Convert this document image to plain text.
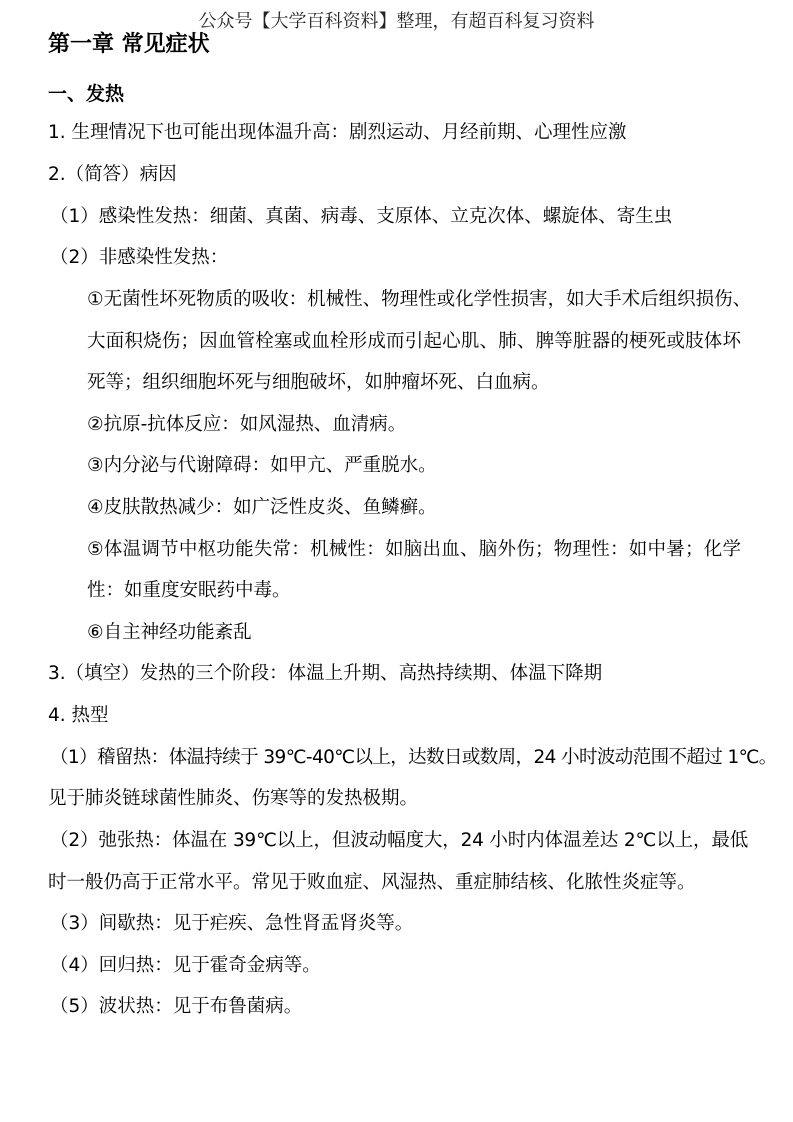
公众号【大学百科资料】整理，有超百科复习资料
第一章 常见症状
一、发热
1. 生理情况下也可能出现体温升高：剧烈运动、月经前期、心理性应激
2.（简答）病因
（1）感染性发热：细菌、真菌、病毒、支原体、立克次体、螺旋体、寄生虫
（2）非感染性发热：
①无菌性坏死物质的吸收：机械性、物理性或化学性损害，如大手术后组织损伤、
大面积烧伤；因血管栓塞或血栓形成而引起心肌、肺、脾等脏器的梗死或肢体坏
死等；组织细胞坏死与细胞破坏，如肿瘤坏死、白血病。
②抗原-抗体反应：如风湿热、血清病。
③内分泌与代谢障碍：如甲亢、严重脱水。
④皮肤散热减少：如广泛性皮炎、鱼鳞癣。
⑤体温调节中枢功能失常：机械性：如脑出血、脑外伤；物理性：如中暑；化学
性：如重度安眠药中毒。
⑥自主神经功能紊乱
3.（填空）发热的三个阶段：体温上升期、高热持续期、体温下降期
4. 热型
（1）稽留热：体温持续于 39℃-40℃以上，达数日或数周，24 小时波动范围不超过 1℃。
见于肺炎链球菌性肺炎、伤寒等的发热极期。
（2）弛张热：体温在 39℃以上，但波动幅度大，24 小时内体温差达 2℃以上，最低
时一般仍高于正常水平。常见于败血症、风湿热、重症肺结核、化脓性炎症等。
（3）间歇热：见于疟疾、急性肾盂肾炎等。
（4）回归热：见于霍奇金病等。
（5）波状热：见于布鲁菌病。
